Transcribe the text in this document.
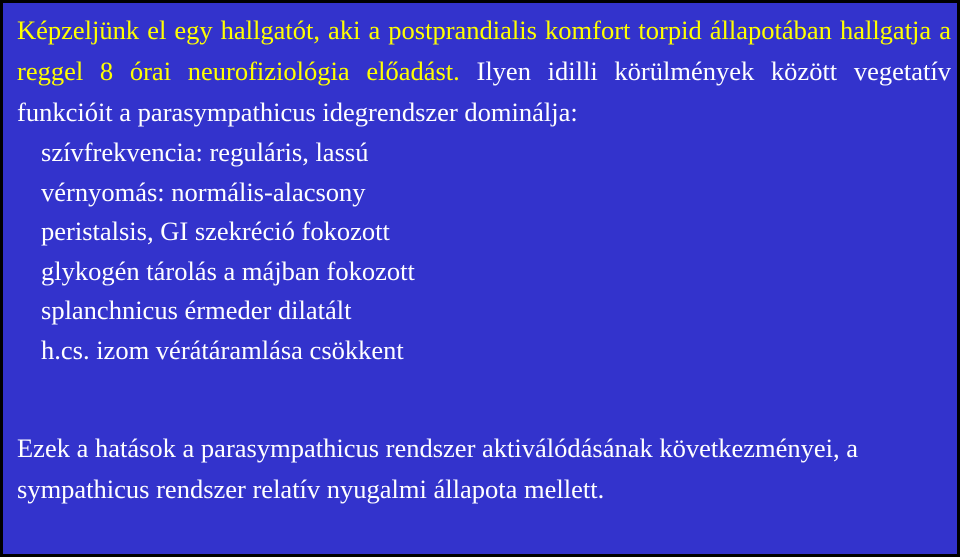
Képzeljünk el egy hallgatót, aki a postprandialis komfort torpid állapotában hallgatja a reggel 8 órai neurofiziológia előadást. Ilyen idilli körülmények között vegetatív funkcióit a parasympathicus idegrendszer dominálja:

szívfrekvencia: reguláris, lassú
vérnyomás: normális-alacsony
peristalsis, GI szekréció fokozott
glykogén tárolás a májban fokozott
splanchnicus érmeder dilatált
h.cs. izom vérátáramlása csökkent

Ezek a hatások a parasympathicus rendszer aktiválódásának következményei, a sympathicus rendszer relatív nyugalmi állapota mellett.
